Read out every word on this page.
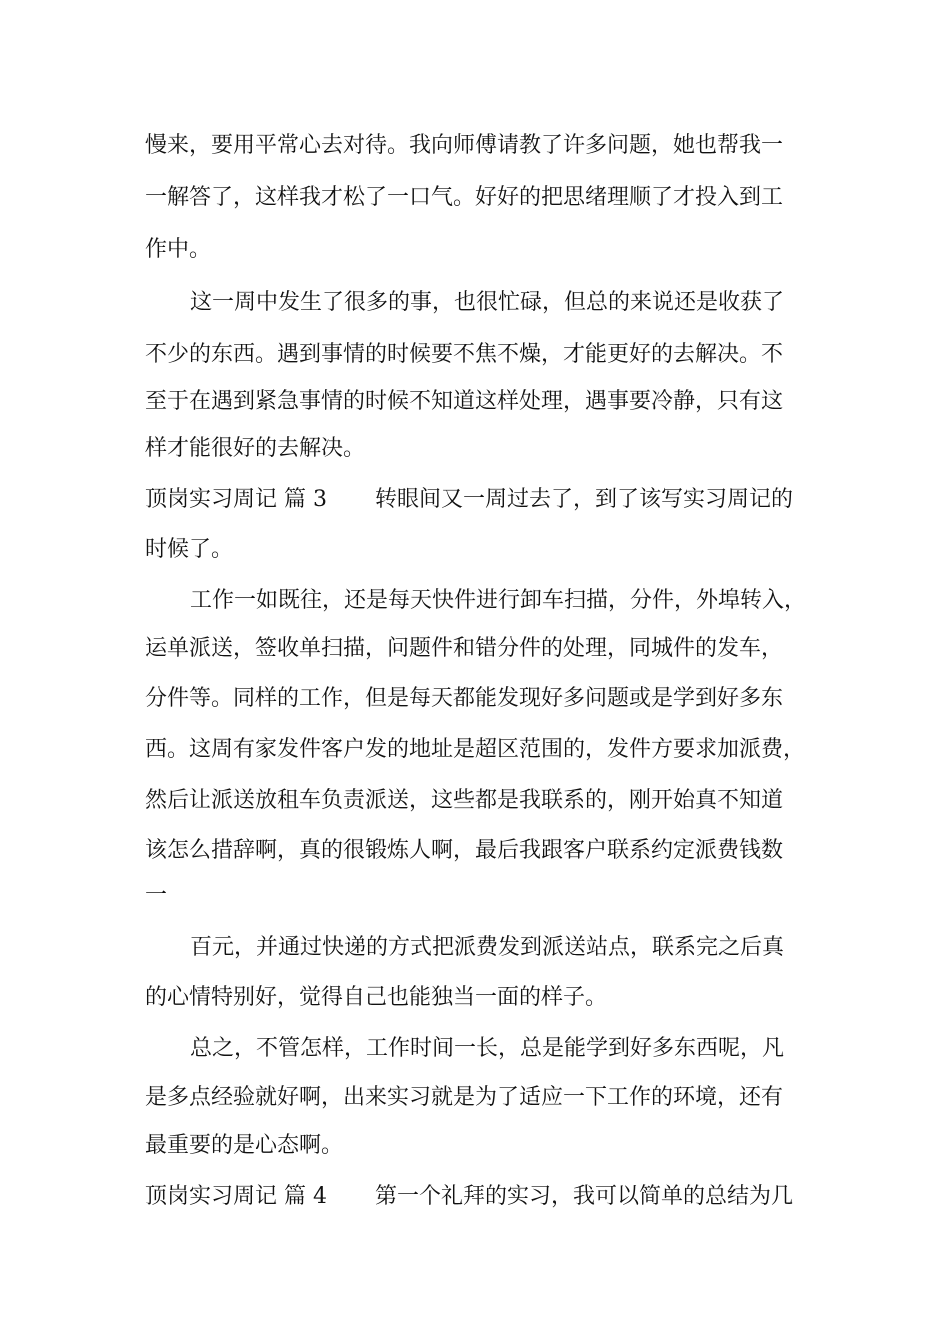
慢来，要用平常心去对待。我向师傅请教了许多问题，她也帮我一
一解答了，这样我才松了一口气。好好的把思绪理顺了才投入到工
作中。
这一周中发生了很多的事，也很忙碌，但总的来说还是收获了
不少的东西。遇到事情的时候要不焦不燥，才能更好的去解决。不
至于在遇到紧急事情的时候不知道这样处理，遇事要冷静，只有这
样才能很好的去解决。
顶岗实习周记 篇 3 转眼间又一周过去了，到了该写实习周记的
时候了。
工作一如既往，还是每天快件进行卸车扫描，分件，外埠转入，
运单派送，签收单扫描，问题件和错分件的处理，同城件的发车，
分件等。同样的工作，但是每天都能发现好多问题或是学到好多东
西。这周有家发件客户发的地址是超区范围的，发件方要求加派费，
然后让派送放租车负责派送，这些都是我联系的，刚开始真不知道
该怎么措辞啊，真的很锻炼人啊，最后我跟客户联系约定派费钱数
一
百元，并通过快递的方式把派费发到派送站点，联系完之后真
的心情特别好，觉得自己也能独当一面的样子。
总之，不管怎样，工作时间一长，总是能学到好多东西呢，凡
是多点经验就好啊，出来实习就是为了适应一下工作的环境，还有
最重要的是心态啊。
顶岗实习周记 篇 4 第一个礼拜的实习，我可以简单的总结为几
